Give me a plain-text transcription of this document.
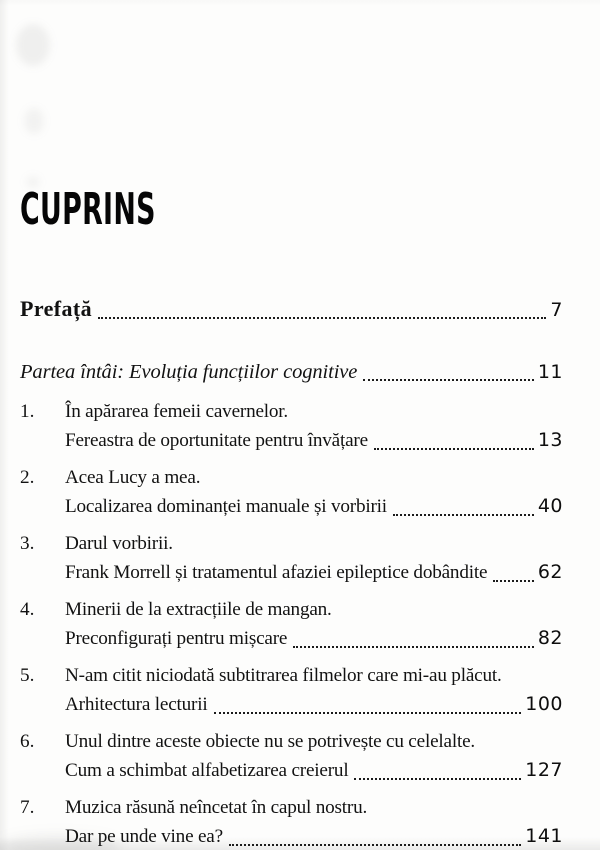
CUPRINS
Prefață	7
Partea întâi: Evoluția funcțiilor cognitive	11
1.	În apărarea femeii cavernelor.
Fereastra de oportunitate pentru învățare	13
2.	Acea Lucy a mea.
Localizarea dominanței manuale și vorbirii	40
3.	Darul vorbirii.
Frank Morrell și tratamentul afaziei epileptice dobândite	62
4.	Minerii de la extracțiile de mangan.
Preconfigurați pentru mișcare	82
5.	N-am citit niciodată subtitrarea filmelor care mi-au plăcut.
Arhitectura lecturii	100
6.	Unul dintre aceste obiecte nu se potrivește cu celelalte.
Cum a schimbat alfabetizarea creierul	127
7.	Muzica răsună neîncetat în capul nostru.
Dar pe unde vine ea?	141
